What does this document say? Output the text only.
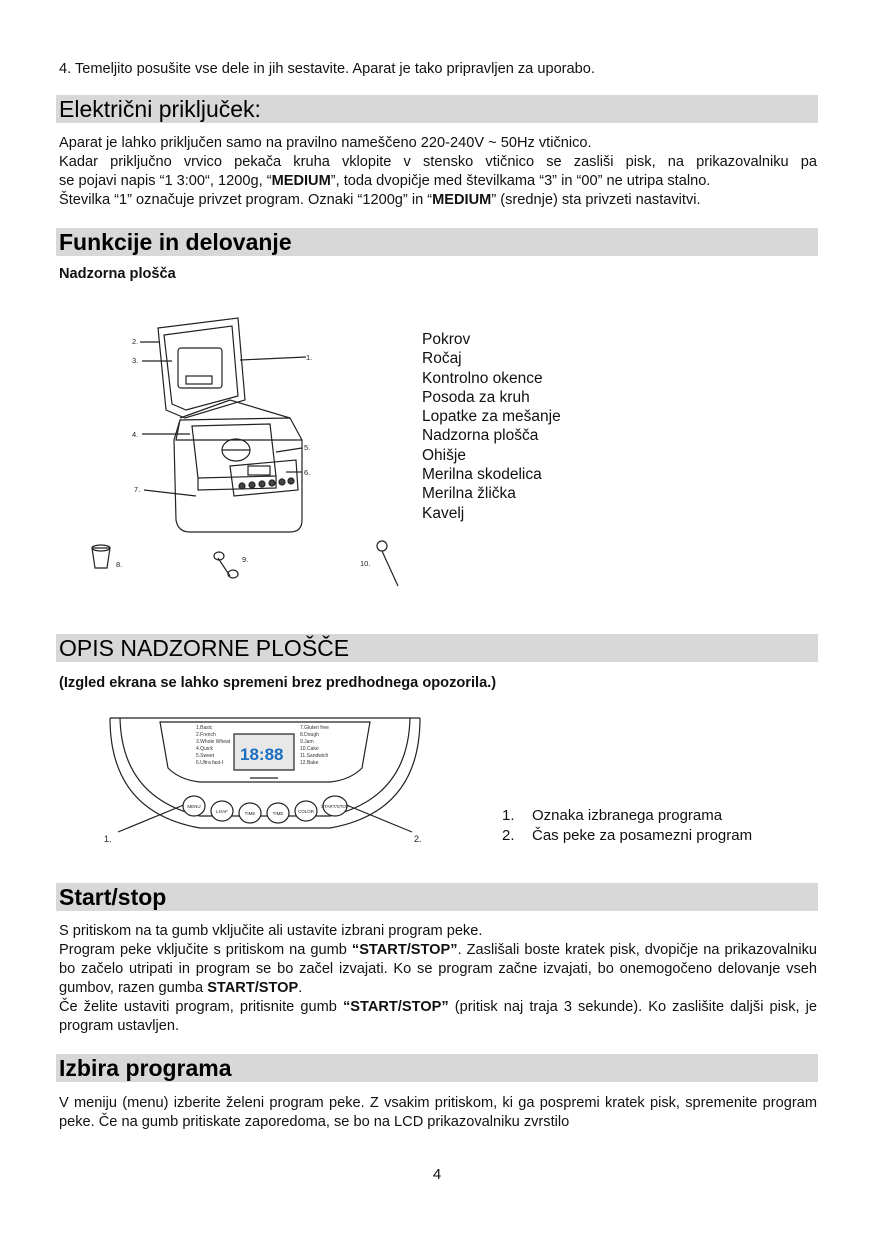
4. Temeljito posušite vse dele in jih sestavite. Aparat je tako pripravljen za uporabo.

Električni priključek:
Aparat je lahko priključen samo na pravilno nameščeno 220-240V ~ 50Hz vtičnico.
Kadar priključno vrvico pekača kruha vklopite v stensko vtičnico se zasliši pisk, na prikazovalniku pa
se pojavi napis “1 3:00“, 1200g, “MEDIUM”, toda dvopičje med številkama “3” in “00” ne utripa stalno.
Številka “1” označuje privzet program. Oznaki “1200g” in “MEDIUM” (srednje) sta privzeti nastavitvi.
Funkcije in delovanje
Nadzorna plošča
1.
2.
3.
4.
5.
6.
7.
8.
9.	10.
Pokrov
Ročaj
Kontrolno okence
Posoda za kruh
Lopatke za mešanje
Nadzorna plošča
Ohišje
Merilna skodelica
Merilna žlička
Kavelj
OPIS NADZORNE PLOŠČE
(Izgled ekrana se lahko spremeni brez predhodnega opozorila.)
1.Basic
2.French
3.Whole Wheat
4.Quick
5.Sweet
6.Ultra fast-I
7.Gluten free
8.Dough
9.Jam
10.Cake
11.Sandwich
12.Bake
18:88
MENU
LOAF	TIME	TIME	COLOR
START/STOP
1.	2.
1. Oznaka izbranega programa
2. Čas peke za posamezni program
Start/stop
S pritiskom na ta gumb vključite ali ustavite izbrani program peke.
Program peke vključite s pritiskom na gumb “START/STOP”. Zaslišali boste kratek pisk, dvopičje na prikazovalniku bo začelo utripati in program se bo začel izvajati. Ko se program začne izvajati, bo onemogočeno delovanje vseh gumbov, razen gumba START/STOP.
Če želite ustaviti program, pritisnite gumb “START/STOP” (pritisk naj traja 3 sekunde). Ko zaslišite daljši pisk, je program ustavljen.
Izbira programa

V meniju (menu) izberite želeni program peke. Z vsakim pritiskom, ki ga pospremi kratek pisk, spremenite program peke. Če na gumb pritiskate zaporedoma, se bo na LCD prikazovalniku zvrstilo

4
